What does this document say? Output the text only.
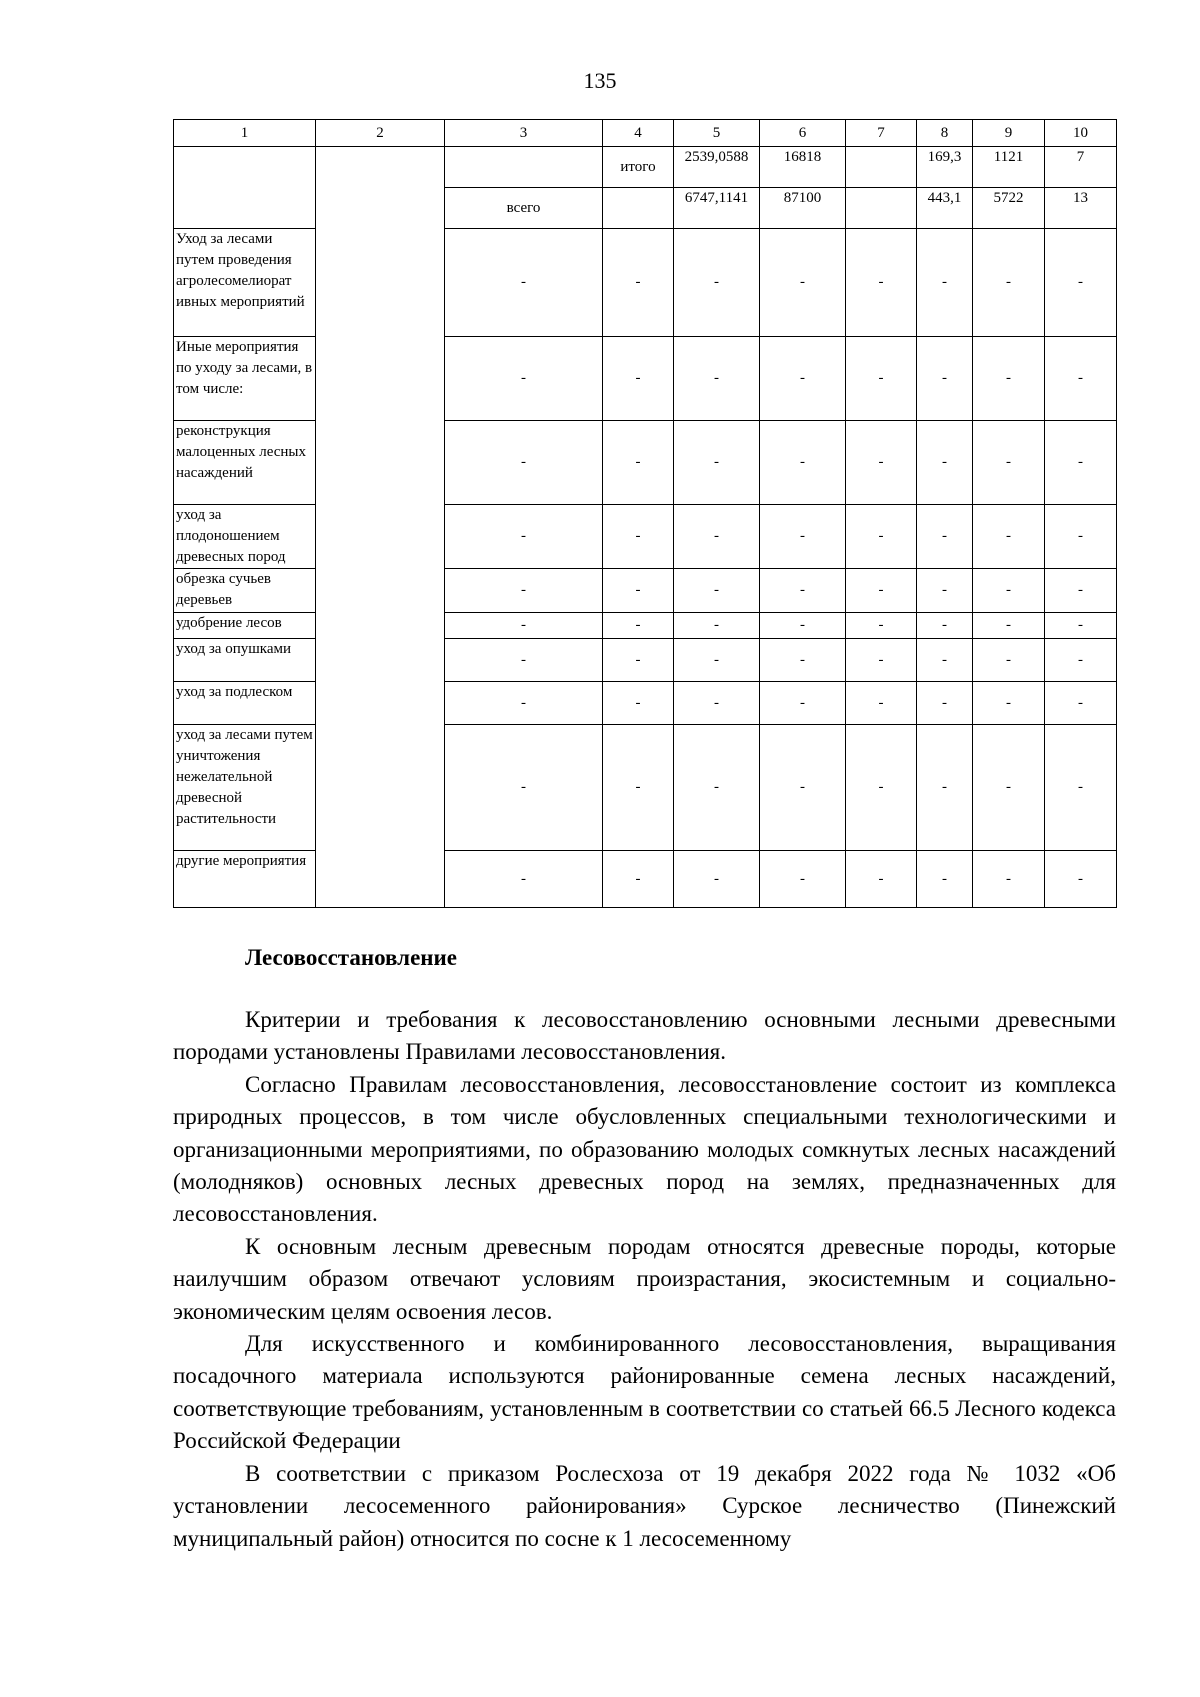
135
1	2	3	4	5	6	7	8	9	10
			итого	2539,0588	16818		169,3	1121	7
		всего		6747,1141	87100		443,1	5722	13
Уход за лесами путем проведения агролесомелиорат ивных мероприятий		-	-	-	-	-	-	-	-
Иные мероприятия по уходу за лесами, в том числе:		-	-	-	-	-	-	-	-
реконструкция малоценных лесных насаждений		-	-	-	-	-	-	-	-
уход за плодоношением древесных пород		-	-	-	-	-	-	-	-
обрезка сучьев деревьев		-	-	-	-	-	-	-	-
удобрение лесов		-	-	-	-	-	-	-	-
уход за опушками		-	-	-	-	-	-	-	-
уход за подлеском		-	-	-	-	-	-	-	-
уход за лесами путем уничтожения нежелательной древесной растительности		-	-	-	-	-	-	-	-
другие мероприятия		-	-	-	-	-	-	-	-
Лесовосстановление

Критерии и требования к лесовосстановлению основными лесными древесными породами установлены Правилами лесовосстановления.

Согласно Правилам лесовосстановления, лесовосстановление состоит из комплекса природных процессов, в том числе обусловленных специальными технологическими и организационными мероприятиями, по образованию молодых сомкнутых лесных насаждений (молодняков) основных лесных древесных пород на землях, предназначенных для лесовосстановления.

К основным лесным древесным породам относятся древесные породы, которые наилучшим образом отвечают условиям произрастания, экосистемным и социально-экономическим целям освоения лесов.

Для искусственного и комбинированного лесовосстановления, выращивания посадочного материала используются районированные семена лесных насаждений, соответствующие требованиям, установленным в соответствии со статьей 66.5 Лесного кодекса Российской Федерации

В соответствии с приказом Рослесхоза от 19 декабря 2022 года № 1032 «Об установлении лесосеменного районирования» Сурское лесничество (Пинежский муниципальный район) относится по сосне к 1 лесосеменному
